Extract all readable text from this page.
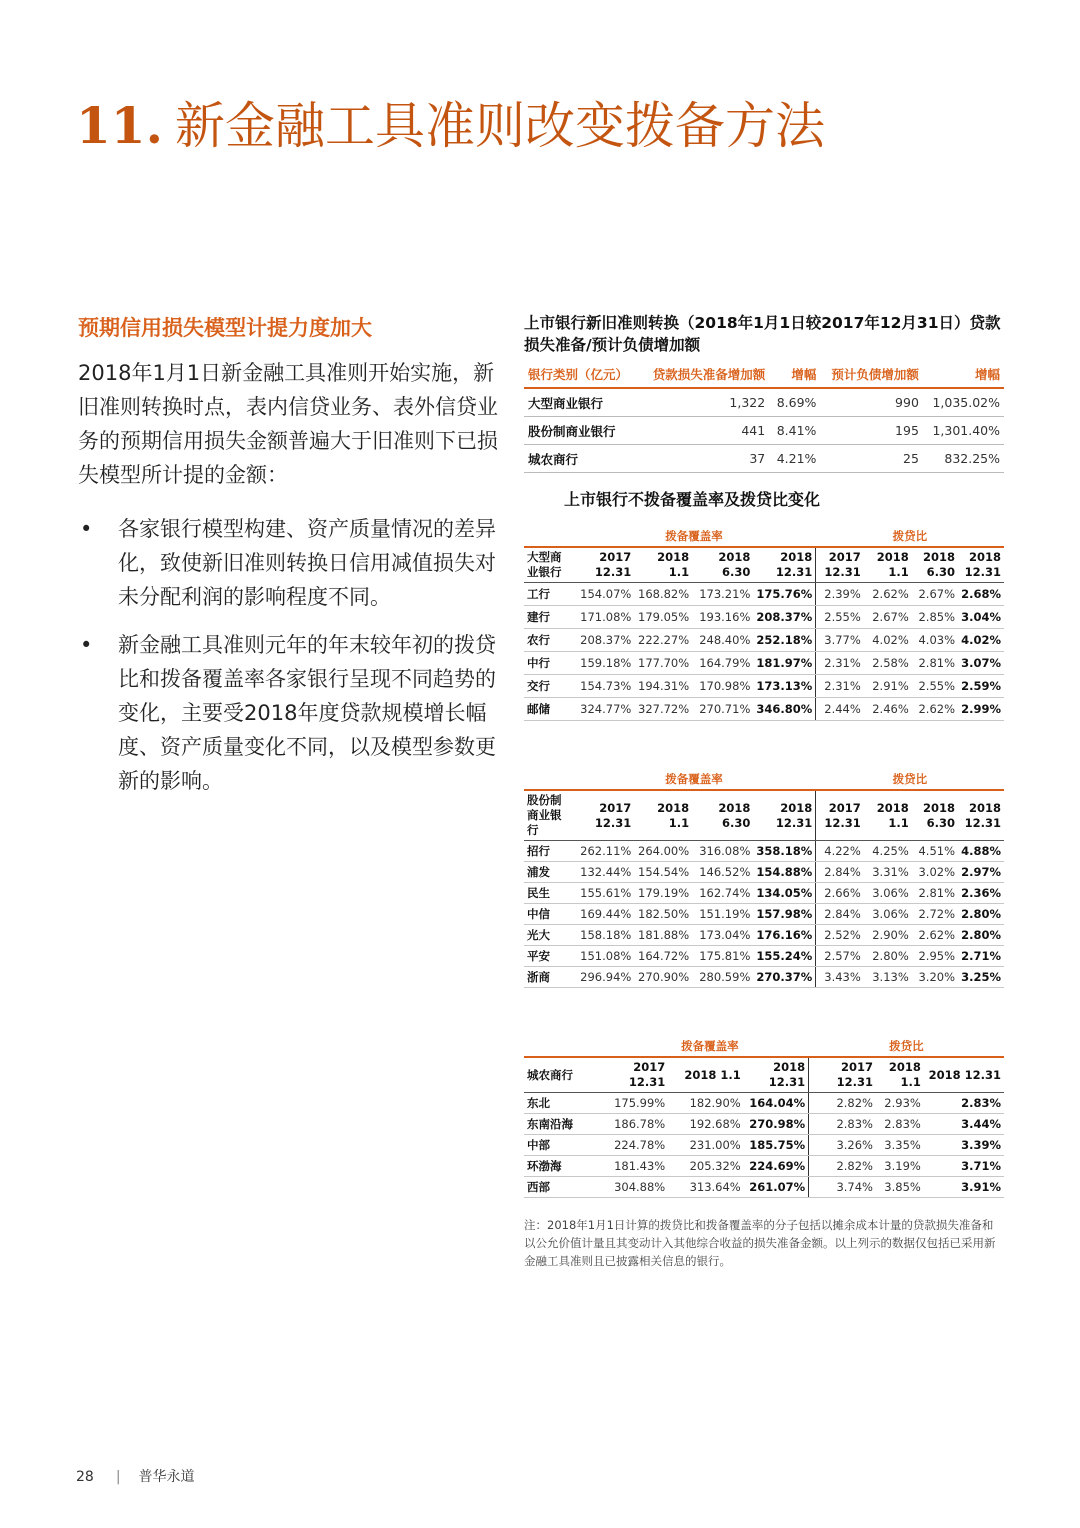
11. 新金融工具准则改变拨备方法
预期信用损失模型计提力度加大

2018年1月1日新金融工具准则开始实施，新旧准则转换时点，表内信贷业务、表外信贷业务的预期信用损失金额普遍大于旧准则下已损失模型所计提的金额：

• 各家银行模型构建、资产质量情况的差异化，致使新旧准则转换日信用减值损失对未分配利润的影响程度不同。
• 新金融工具准则元年的年末较年初的拨贷比和拨备覆盖率各家银行呈现不同趋势的变化，主要受2018年度贷款规模增长幅度、资产质量变化不同，以及模型参数更新的影响。
上市银行新旧准则转换（2018年1月1日较2017年12月31日）贷款损失准备/预计负债增加额
银行类别（亿元）	贷款损失准备增加额	增幅	预计负债增加额	增幅
大型商业银行	1,322	8.69%	990	1,035.02%
股份制商业银行	441	8.41%	195	1,301.40%
城农商行	37	4.21%	25	832.25%
上市银行不拨备覆盖率及拨贷比变化
	拨备覆盖率				拨贷比			
大型商业银行	2017 12.31	2018 1.1	2018 6.30	2018 12.31	2017 12.31	2018 1.1	2018 6.30	2018 12.31
工行	154.07%	168.82%	173.21%	175.76%	2.39%	2.62%	2.67%	2.68%
建行	171.08%	179.05%	193.16%	208.37%	2.55%	2.67%	2.85%	3.04%
农行	208.37%	222.27%	248.40%	252.18%	3.77%	4.02%	4.03%	4.02%
中行	159.18%	177.70%	164.79%	181.97%	2.31%	2.58%	2.81%	3.07%
交行	154.73%	194.31%	170.98%	173.13%	2.31%	2.91%	2.55%	2.59%
邮储	324.77%	327.72%	270.71%	346.80%	2.44%	2.46%	2.62%	2.99%
	拨备覆盖率				拨贷比			
股份制商业银行	2017 12.31	2018 1.1	2018 6.30	2018 12.31	2017 12.31	2018 1.1	2018 6.30	2018 12.31
招行	262.11%	264.00%	316.08%	358.18%	4.22%	4.25%	4.51%	4.88%
浦发	132.44%	154.54%	146.52%	154.88%	2.84%	3.31%	3.02%	2.97%
民生	155.61%	179.19%	162.74%	134.05%	2.66%	3.06%	2.81%	2.36%
中信	169.44%	182.50%	151.19%	157.98%	2.84%	3.06%	2.72%	2.80%
光大	158.18%	181.88%	173.04%	176.16%	2.52%	2.90%	2.62%	2.80%
平安	151.08%	164.72%	175.81%	155.24%	2.57%	2.80%	2.95%	2.71%
浙商	296.94%	270.90%	280.59%	270.37%	3.43%	3.13%	3.20%	3.25%
	拨备覆盖率			拨贷比		
城农商行	2017 12.31	2018 1.1	2018 12.31	2017 12.31	2018 1.1	2018 12.31
东北	175.99%	182.90%	164.04%	2.82%	2.93%	2.83%
东南沿海	186.78%	192.68%	270.98%	2.83%	2.83%	3.44%
中部	224.78%	231.00%	185.75%	3.26%	3.35%	3.39%
环渤海	181.43%	205.32%	224.69%	2.82%	3.19%	3.71%
西部	304.88%	313.64%	261.07%	3.74%	3.85%	3.91%
注：2018年1月1日计算的拨贷比和拨备覆盖率的分子包括以摊余成本计量的贷款损失准备和以公允价值计量且其变动计入其他综合收益的损失准备金额。以上列示的数据仅包括已采用新金融工具准则且已披露相关信息的银行。
28 | 普华永道
